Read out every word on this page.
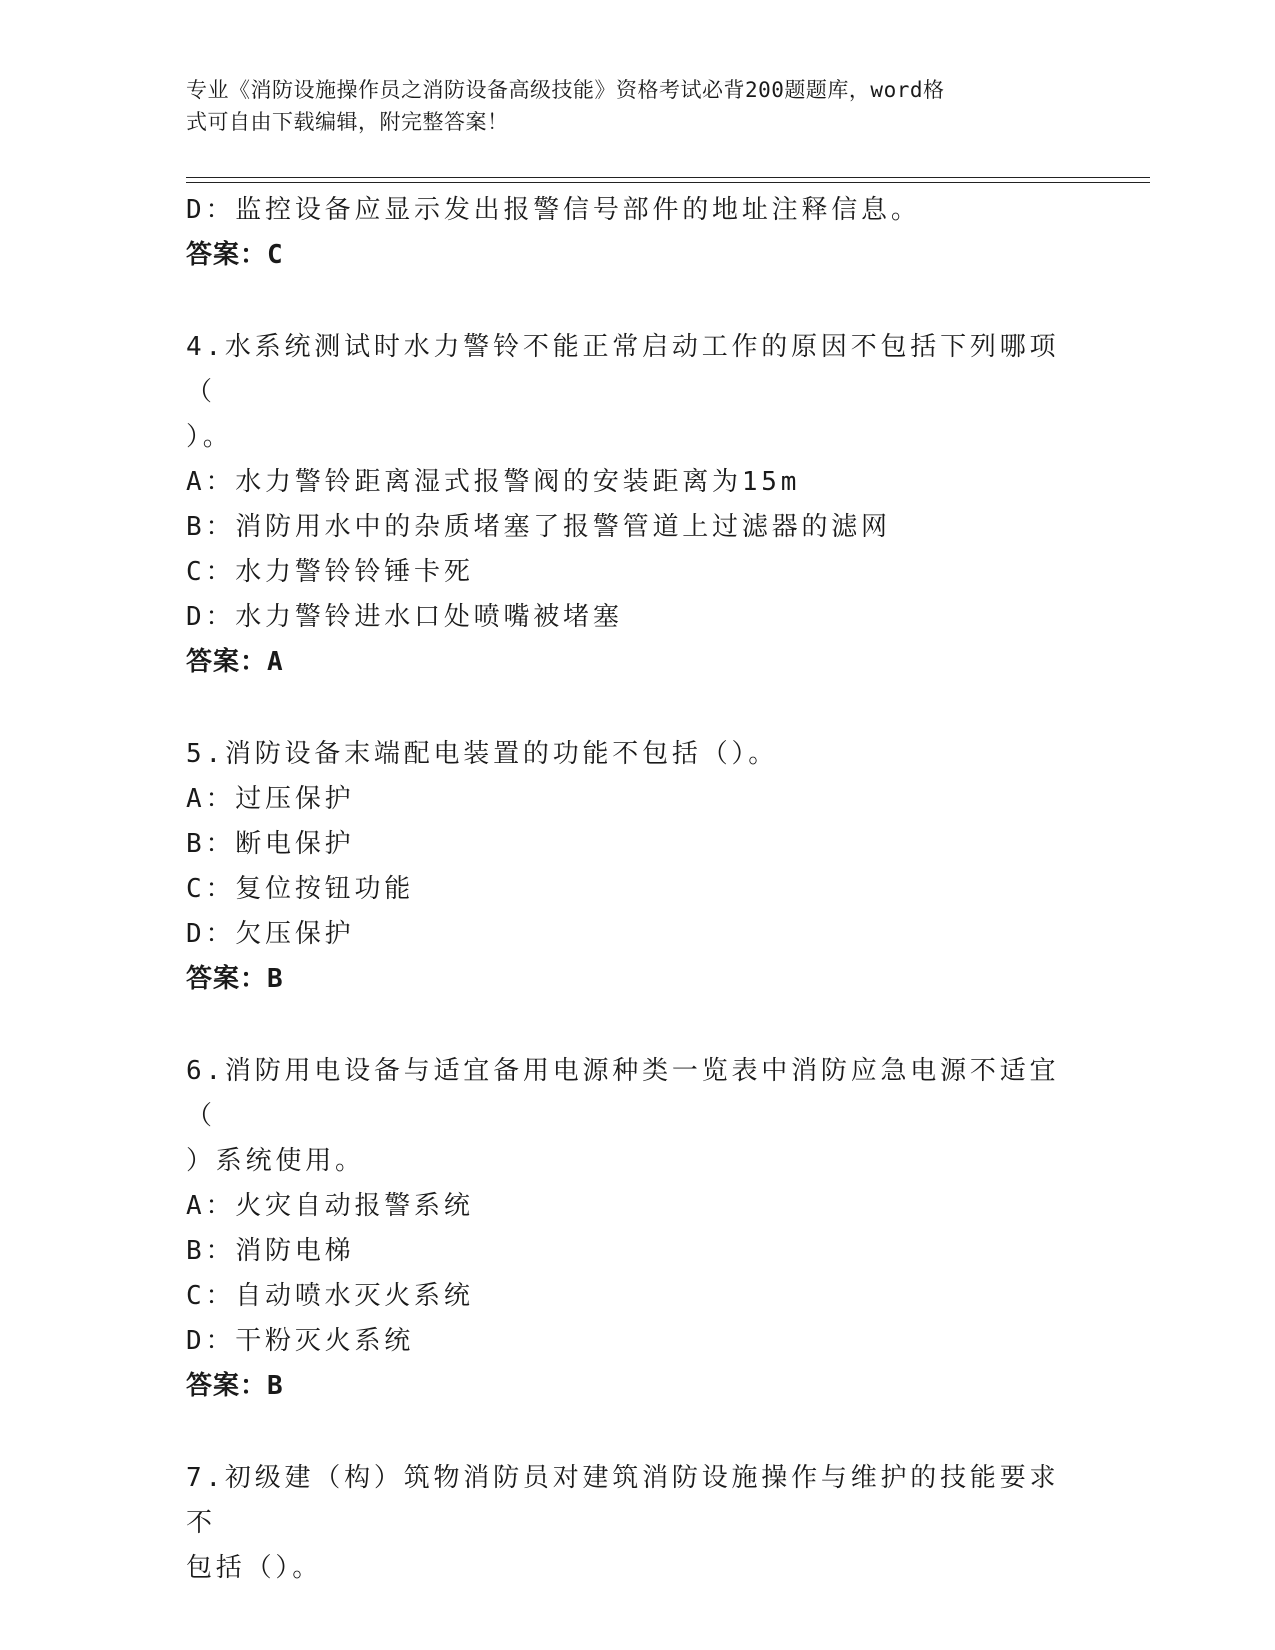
专业《消防设施操作员之消防设备高级技能》资格考试必背200题题库，word格
式可自由下载编辑，附完整答案！

D：监控设备应显示发出报警信号部件的地址注释信息。

答案：C

4.水系统测试时水力警铃不能正常启动工作的原因不包括下列哪项（

）。

A：水力警铃距离湿式报警阀的安装距离为15m

B：消防用水中的杂质堵塞了报警管道上过滤器的滤网

C：水力警铃铃锤卡死

D：水力警铃进水口处喷嘴被堵塞

答案：A

5.消防设备末端配电装置的功能不包括（）。

A：过压保护

B：断电保护

C：复位按钮功能

D：欠压保护

答案：B

6.消防用电设备与适宜备用电源种类一览表中消防应急电源不适宜（

）系统使用。

A：火灾自动报警系统

B：消防电梯

C：自动喷水灭火系统

D：干粉灭火系统

答案：B

7.初级建（构）筑物消防员对建筑消防设施操作与维护的技能要求不

包括（）。
